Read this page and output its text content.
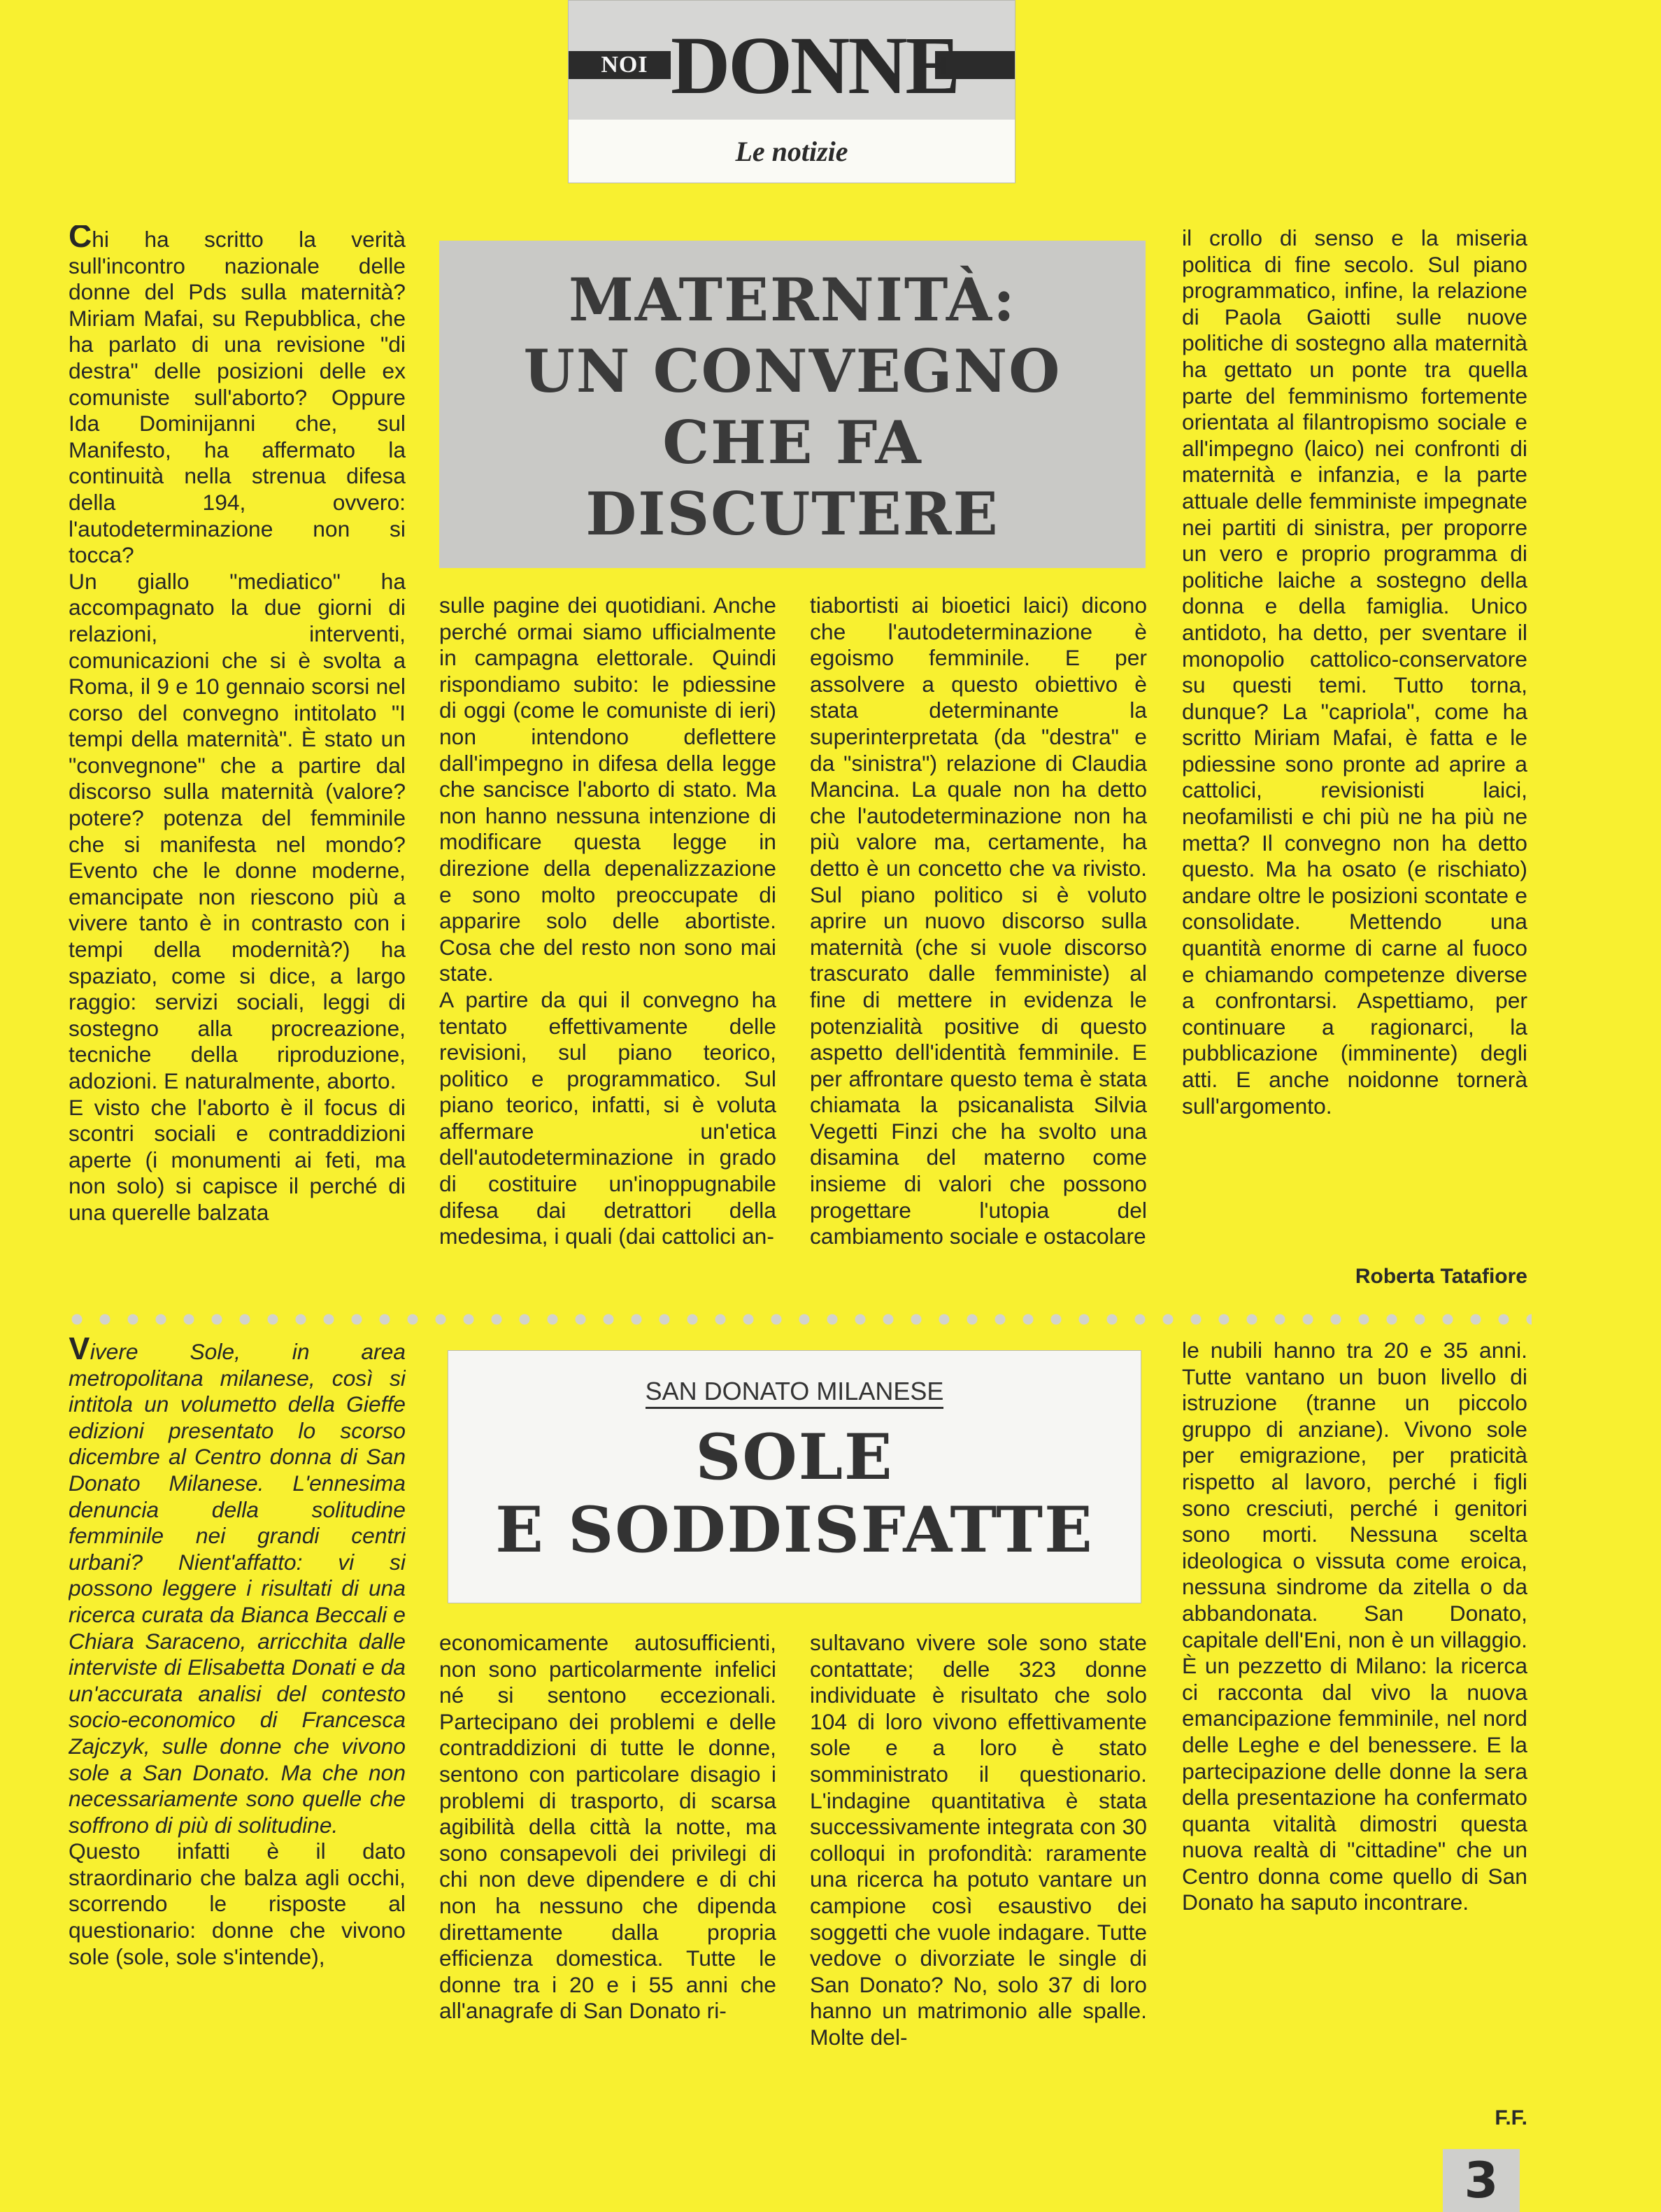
NOI DONNE
Le notizie
MATERNITÀ:
UN CONVEGNO
CHE FA
DISCUTERE

Chi ha scritto la verità sull'incontro nazionale delle donne del Pds sulla maternità? Miriam Mafai, su Repubblica, che ha parlato di una revisione "di destra" delle posizioni delle ex comuniste sull'aborto? Oppure Ida Dominijanni che, sul Manifesto, ha affermato la continuità nella strenua difesa della 194, ovvero: l'autodeterminazione non si tocca?

Un giallo "mediatico" ha accompagnato la due giorni di relazioni, interventi, comunicazioni che si è svolta a Roma, il 9 e 10 gennaio scorsi nel corso del convegno intitolato "I tempi della maternità". È stato un "convegnone" che a partire dal discorso sulla maternità (valore? potere? potenza del femminile che si manifesta nel mondo? Evento che le donne moderne, emancipate non riescono più a vivere tanto è in contrasto con i tempi della modernità?) ha spaziato, come si dice, a largo raggio: servizi sociali, leggi di sostegno alla procreazione, tecniche della riproduzione, adozioni. E naturalmente, aborto.

E visto che l'aborto è il focus di scontri sociali e contraddizioni aperte (i monumenti ai feti, ma non solo) si capisce il perché di una querelle balzata

sulle pagine dei quotidiani. Anche perché ormai siamo ufficialmente in campagna elettorale. Quindi rispondiamo subito: le pdiessine di oggi (come le comuniste di ieri) non intendono deflettere dall'impegno in difesa della legge che sancisce l'aborto di stato. Ma non hanno nessuna intenzione di modificare questa legge in direzione della depenalizzazione e sono molto preoccupate di apparire solo delle abortiste. Cosa che del resto non sono mai state.

A partire da qui il convegno ha tentato effettivamente delle revisioni, sul piano teorico, politico e programmatico. Sul piano teorico, infatti, si è voluta affermare un'etica dell'autodeterminazione in grado di costituire un'inoppugnabile difesa dai detrattori della medesima, i quali (dai cattolici an-

tiabortisti ai bioetici laici) dicono che l'autodeterminazione è egoismo femminile. E per assolvere a questo obiettivo è stata determinante la superinterpretata (da "destra" e da "sinistra") relazione di Claudia Mancina. La quale non ha detto che l'autodeterminazione non ha più valore ma, certamente, ha detto è un concetto che va rivisto. Sul piano politico si è voluto aprire un nuovo discorso sulla maternità (che si vuole discorso trascurato dalle femministe) al fine di mettere in evidenza le potenzialità positive di questo aspetto dell'identità femminile. E per affrontare questo tema è stata chiamata la psicanalista Silvia Vegetti Finzi che ha svolto una disamina del materno come insieme di valori che possono progettare l'utopia del cambiamento sociale e ostacolare

il crollo di senso e la miseria politica di fine secolo. Sul piano programmatico, infine, la relazione di Paola Gaiotti sulle nuove politiche di sostegno alla maternità ha gettato un ponte tra quella parte del femminismo fortemente orientata al filantropismo sociale e all'impegno (laico) nei confronti di maternità e infanzia, e la parte attuale delle femministe impegnate nei partiti di sinistra, per proporre un vero e proprio programma di politiche laiche a sostegno della donna e della famiglia. Unico antidoto, ha detto, per sventare il monopolio cattolico-conservatore su questi temi. Tutto torna, dunque? La "capriola", come ha scritto Miriam Mafai, è fatta e le pdiessine sono pronte ad aprire a cattolici, revisionisti laici, neofamilisti e chi più ne ha più ne metta? Il convegno non ha detto questo. Ma ha osato (e rischiato) andare oltre le posizioni scontate e consolidate. Mettendo una quantità enorme di carne al fuoco e chiamando competenze diverse a confrontarsi. Aspettiamo, per continuare a ragionarci, la pubblicazione (imminente) degli atti. E anche noidonne tornerà sull'argomento.

Roberta Tatafiore
SAN DONATO MILANESE
SOLE
E SODDISFATTE

Vivere Sole, in area metropolitana milanese, così si intitola un volumetto della Gieffe edizioni presentato lo scorso dicembre al Centro donna di San Donato Milanese. L'ennesima denuncia della solitudine femminile nei grandi centri urbani? Nient'affatto: vi si possono leggere i risultati di una ricerca curata da Bianca Beccali e Chiara Saraceno, arricchita dalle interviste di Elisabetta Donati e da un'accurata analisi del contesto socio-economico di Francesca Zajczyk, sulle donne che vivono sole a San Donato. Ma che non necessariamente sono quelle che soffrono di più di solitudine.

Questo infatti è il dato straordinario che balza agli occhi, scorrendo le risposte al questionario: donne che vivono sole (sole, sole s'intende),

economicamente autosufficienti, non sono particolarmente infelici né si sentono eccezionali. Partecipano dei problemi e delle contraddizioni di tutte le donne, sentono con particolare disagio i problemi di trasporto, di scarsa agibilità della città la notte, ma sono consapevoli dei privilegi di chi non deve dipendere e di chi non ha nessuno che dipenda direttamente dalla propria efficienza domestica. Tutte le donne tra i 20 e i 55 anni che all'anagrafe di San Donato ri-

sultavano vivere sole sono state contattate; delle 323 donne individuate è risultato che solo 104 di loro vivono effettivamente sole e a loro è stato somministrato il questionario. L'indagine quantitativa è stata successivamente integrata con 30 colloqui in profondità: raramente una ricerca ha potuto vantare un campione così esaustivo dei soggetti che vuole indagare. Tutte vedove o divorziate le single di San Donato? No, solo 37 di loro hanno un matrimonio alle spalle. Molte del-

le nubili hanno tra 20 e 35 anni. Tutte vantano un buon livello di istruzione (tranne un piccolo gruppo di anziane). Vivono sole per emigrazione, per praticità rispetto al lavoro, perché i figli sono cresciuti, perché i genitori sono morti. Nessuna scelta ideologica o vissuta come eroica, nessuna sindrome da zitella o da abbandonata. San Donato, capitale dell'Eni, non è un villaggio. È un pezzetto di Milano: la ricerca ci racconta dal vivo la nuova emancipazione femminile, nel nord delle Leghe e del benessere. E la partecipazione delle donne la sera della presentazione ha confermato quanta vitalità dimostri questa nuova realtà di "cittadine" che un Centro donna come quello di San Donato ha saputo incontrare.

F.F.
3
